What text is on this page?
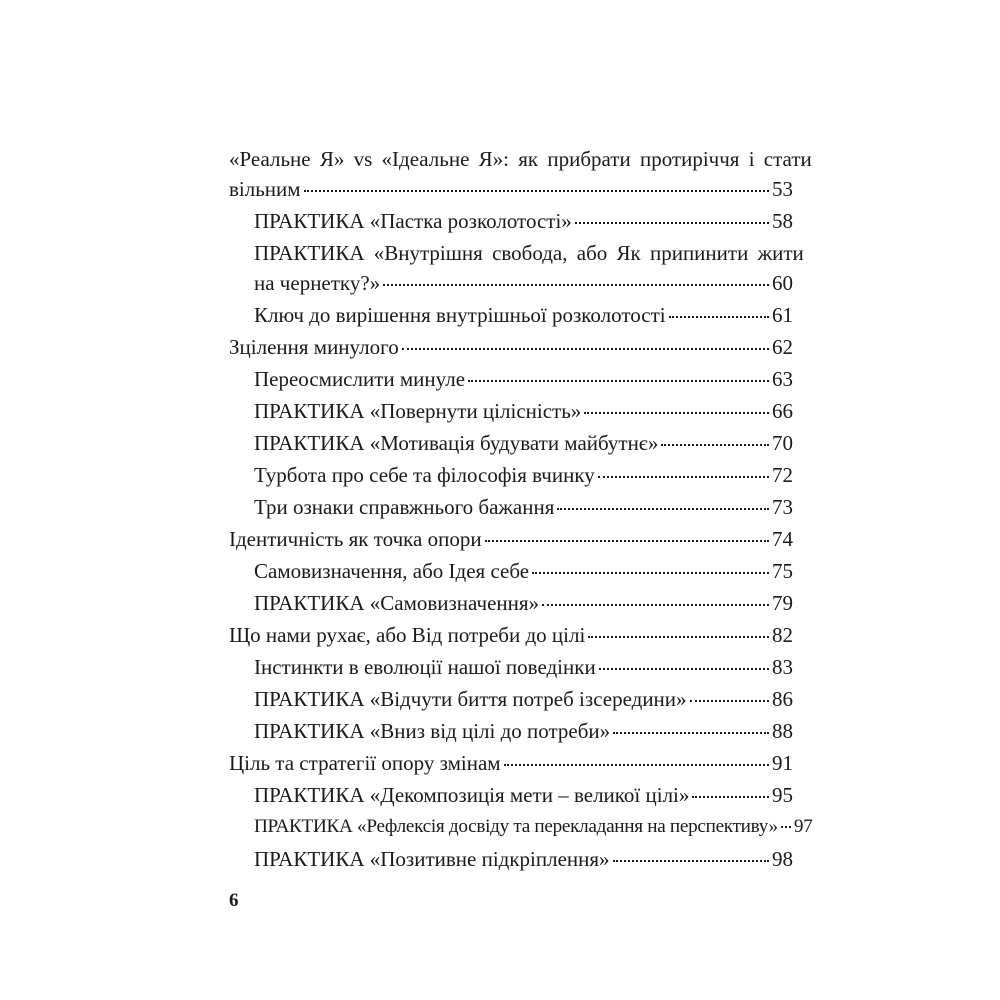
«Реальне Я» vs «Ідеальне Я»: як прибрати протиріччя і стати
вільним	53
ПРАКТИКА «Пастка розколотості»	58
ПРАКТИКА «Внутрішня свобода, або Як припинити жити
на чернетку?»	60
Ключ до вирішення внутрішньої розколотості	61
Зцілення минулого	62
Переосмислити минуле	63
ПРАКТИКА «Повернути цілісність»	66
ПРАКТИКА «Мотивація будувати майбутнє»	70
Турбота про себе та філософія вчинку	72
Три ознаки справжнього бажання	73
Ідентичність як точка опори	74
Самовизначення, або Ідея себе	75
ПРАКТИКА «Самовизначення»	79
Що нами рухає, або Від потреби до цілі	82
Інстинкти в еволюції нашої поведінки	83
ПРАКТИКА «Відчути биття потреб ізсередини»	86
ПРАКТИКА «Вниз від цілі до потреби»	88
Ціль та стратегії опору змінам	91
ПРАКТИКА «Декомпозиція мети – великої цілі»	95
ПРАКТИКА «Рефлексія досвіду та перекладання на перспективу» 97
ПРАКТИКА «Позитивне підкріплення»	98
6
